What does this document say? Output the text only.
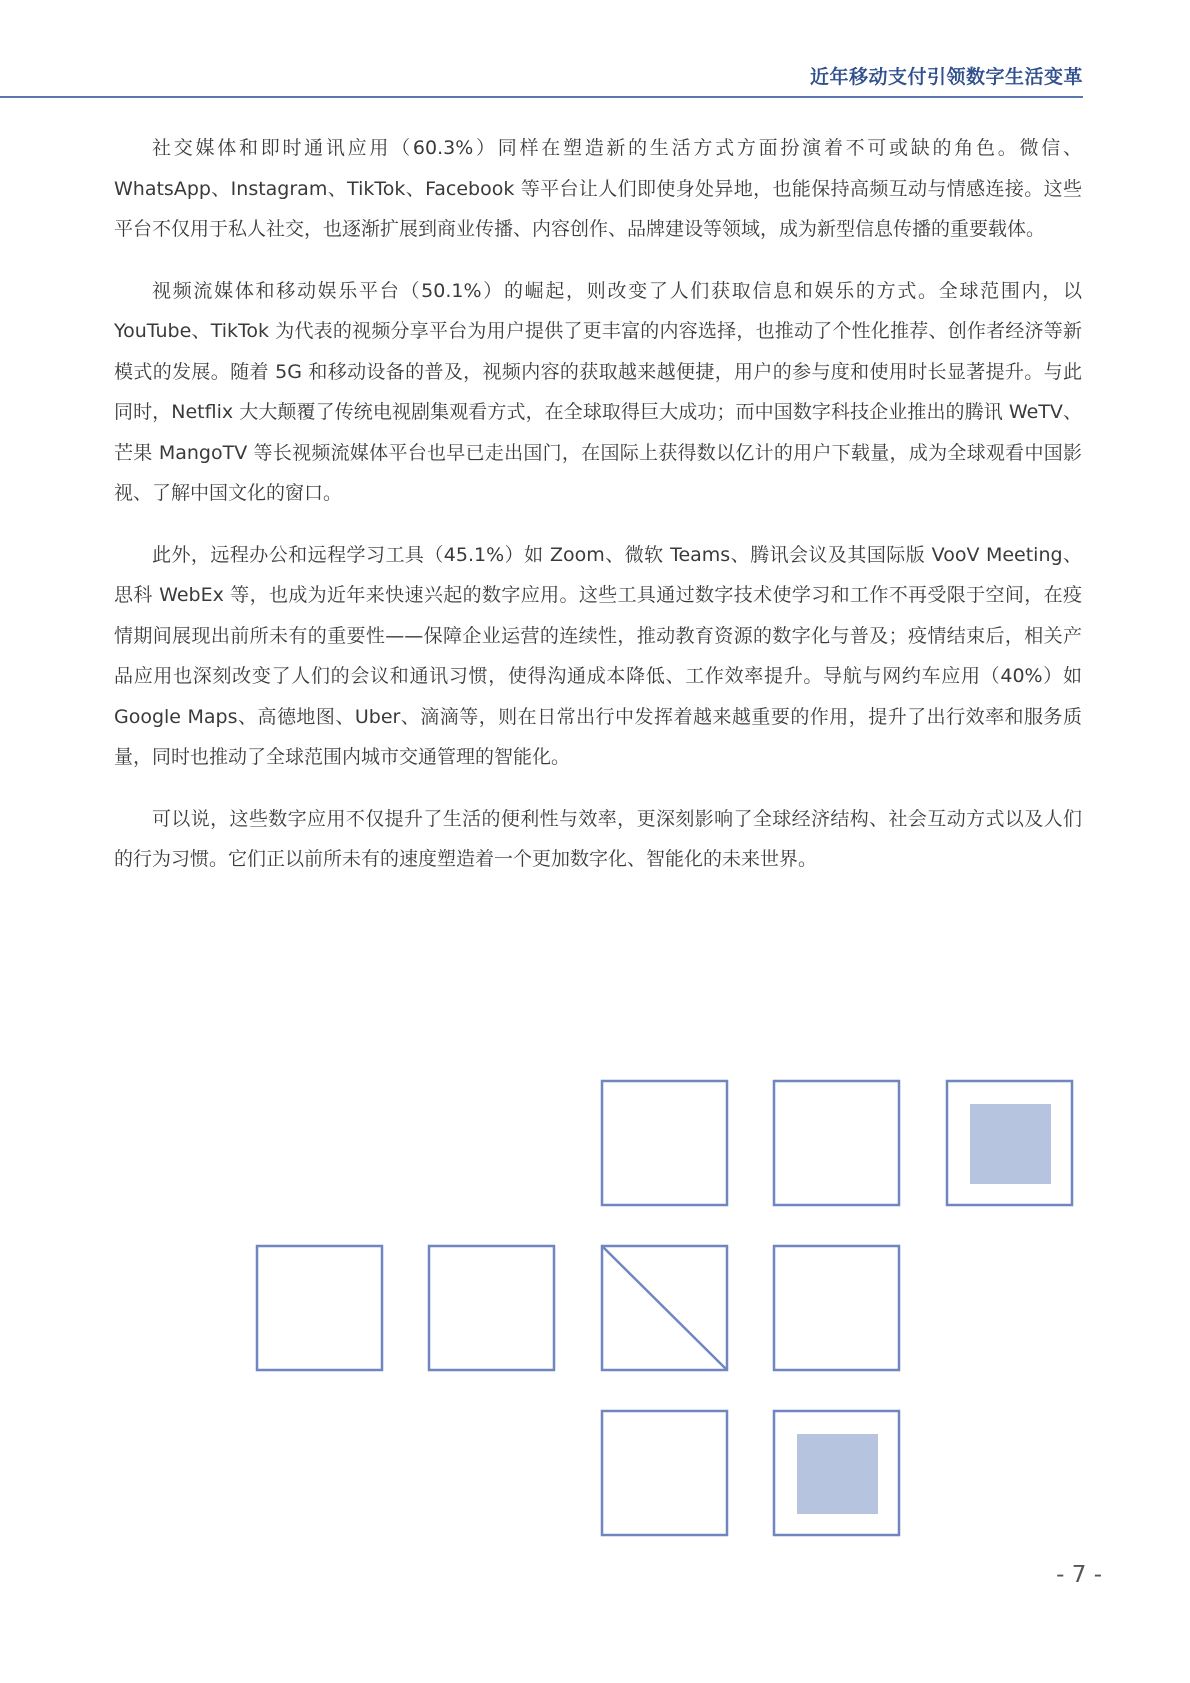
近年移动支付引领数字生活变革

社交媒体和即时通讯应用（60.3%）同样在塑造新的生活方式方面扮演着不可或缺的角色。微信、WhatsApp、Instagram、TikTok、Facebook 等平台让人们即使身处异地，也能保持高频互动与情感连接。这些平台不仅用于私人社交，也逐渐扩展到商业传播、内容创作、品牌建设等领域，成为新型信息传播的重要载体。

视频流媒体和移动娱乐平台（50.1%）的崛起，则改变了人们获取信息和娱乐的方式。全球范围内，以 YouTube、TikTok 为代表的视频分享平台为用户提供了更丰富的内容选择，也推动了个性化推荐、创作者经济等新模式的发展。随着 5G 和移动设备的普及，视频内容的获取越来越便捷，用户的参与度和使用时长显著提升。与此同时，Netflix 大大颠覆了传统电视剧集观看方式，在全球取得巨大成功；而中国数字科技企业推出的腾讯 WeTV、芒果 MangoTV 等长视频流媒体平台也早已走出国门，在国际上获得数以亿计的用户下载量，成为全球观看中国影视、了解中国文化的窗口。

此外，远程办公和远程学习工具（45.1%）如 Zoom、微软 Teams、腾讯会议及其国际版 VooV Meeting、思科 WebEx 等，也成为近年来快速兴起的数字应用。这些工具通过数字技术使学习和工作不再受限于空间，在疫情期间展现出前所未有的重要性——保障企业运营的连续性，推动教育资源的数字化与普及；疫情结束后，相关产品应用也深刻改变了人们的会议和通讯习惯，使得沟通成本降低、工作效率提升。导航与网约车应用（40%）如 Google Maps、高德地图、Uber、滴滴等，则在日常出行中发挥着越来越重要的作用，提升了出行效率和服务质量，同时也推动了全球范围内城市交通管理的智能化。

可以说，这些数字应用不仅提升了生活的便利性与效率，更深刻影响了全球经济结构、社会互动方式以及人们的行为习惯。它们正以前所未有的速度塑造着一个更加数字化、智能化的未来世界。

- 7 -
